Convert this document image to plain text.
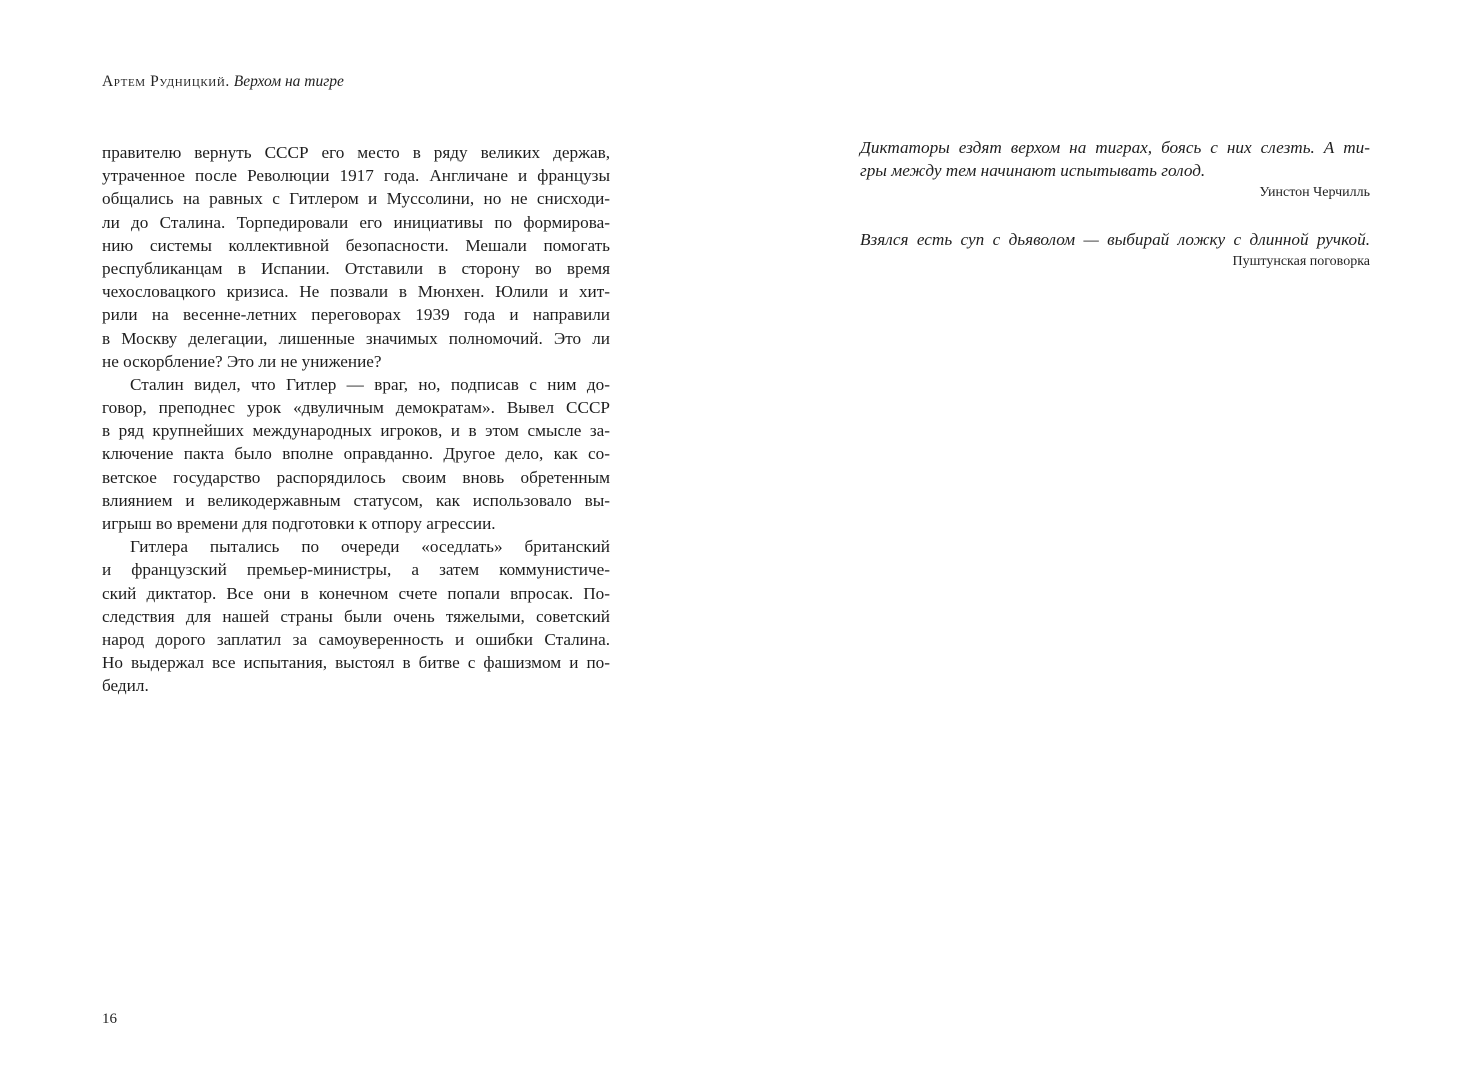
Артем Рудницкий. Верхом на тигре
правителю вернуть СССР его место в ряду великих держав,
утраченное после Революции 1917 года. Англичане и французы
общались на равных с Гитлером и Муссолини, но не снисходи-
ли до Сталина. Торпедировали его инициативы по формирова-
нию системы коллективной безопасности. Мешали помогать
республиканцам в Испании. Отставили в сторону во время
чехословацкого кризиса. Не позвали в Мюнхен. Юлили и хит-
рили на весенне-летних переговорах 1939 года и направили
в Москву делегации, лишенные значимых полномочий. Это ли
не оскорбление? Это ли не унижение?
Сталин видел, что Гитлер — враг, но, подписав с ним до-
говор, преподнес урок «двуличным демократам». Вывел СССР
в ряд крупнейших международных игроков, и в этом смысле за-
ключение пакта было вполне оправданно. Другое дело, как со-
ветское государство распорядилось своим вновь обретенным
влиянием и великодержавным статусом, как использовало вы-
игрыш во времени для подготовки к отпору агрессии.
Гитлера пытались по очереди «оседлать» британский
и французский премьер-министры, а затем коммунистиче-
ский диктатор. Все они в конечном счете попали впросак. По-
следствия для нашей страны были очень тяжелыми, советский
народ дорого заплатил за самоуверенность и ошибки Сталина.
Но выдержал все испытания, выстоял в битве с фашизмом и по-
бедил.
16
Диктаторы ездят верхом на тиграх, боясь с них слезть. А ти-
гры между тем начинают испытывать голод.
Уинстон Черчилль
Взялся есть суп с дьяволом — выбирай ложку с длинной ручкой.
Пуштунская поговорка
